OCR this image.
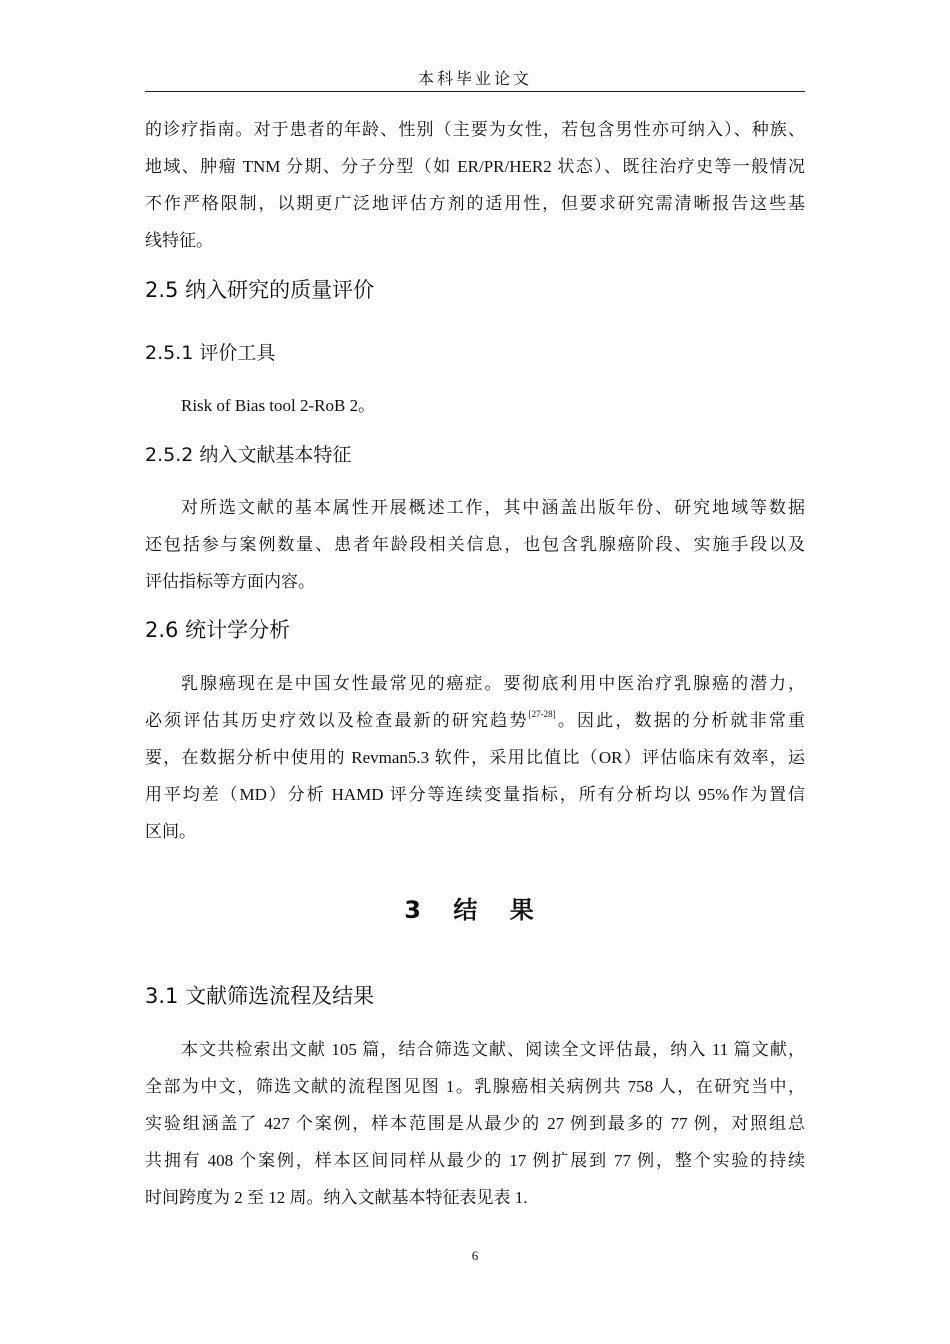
本科毕业论文
的诊疗指南。对于患者的年龄、性别（主要为女性，若包含男性亦可纳入）、种族、
地域、肿瘤 TNM 分期、分子分型（如 ER/PR/HER2 状态）、既往治疗史等一般情况
不作严格限制，以期更广泛地评估方剂的适用性，但要求研究需清晰报告这些基
线特征。
2.5 纳入研究的质量评价
2.5.1 评价工具
Risk of Bias tool 2-RoB 2。
2.5.2 纳入文献基本特征
对所选文献的基本属性开展概述工作，其中涵盖出版年份、研究地域等数据
还包括参与案例数量、患者年龄段相关信息，也包含乳腺癌阶段、实施手段以及
评估指标等方面内容。
2.6 统计学分析
乳腺癌现在是中国女性最常见的癌症。要彻底利用中医治疗乳腺癌的潜力，
必须评估其历史疗效以及检查最新的研究趋势[27-28]。因此，数据的分析就非常重
要，在数据分析中使用的 Revman5.3 软件，采用比值比（OR）评估临床有效率，运
用平均差（MD）分析 HAMD 评分等连续变量指标，所有分析均以 95%作为置信
区间。
3 结 果
3.1 文献筛选流程及结果
本文共检索出文献 105 篇，结合筛选文献、阅读全文评估最，纳入 11 篇文献，
全部为中文，筛选文献的流程图见图 1。乳腺癌相关病例共 758 人，在研究当中，
实验组涵盖了 427 个案例，样本范围是从最少的 27 例到最多的 77 例，对照组总
共拥有 408 个案例，样本区间同样从最少的 17 例扩展到 77 例，整个实验的持续
时间跨度为 2 至 12 周。纳入文献基本特征表见表 1.
6
